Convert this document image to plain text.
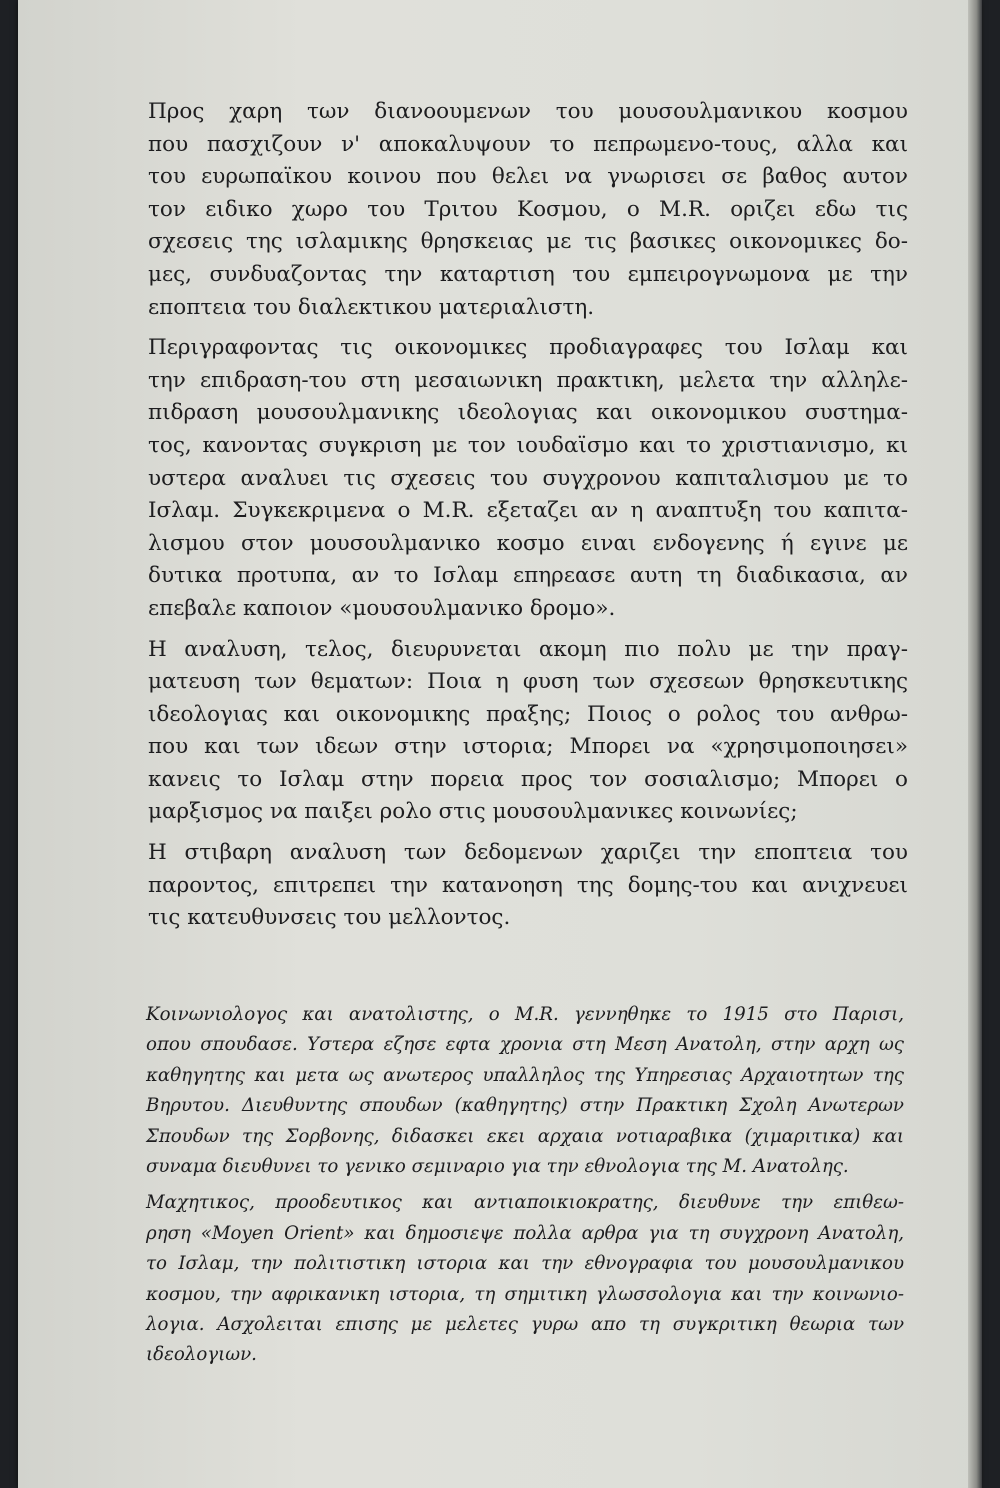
Προς χαρη των διανοουμενων του μουσουλμανικου κοσμου
που πασχιζουν ν' αποκαλυψουν το πεπρωμενο-τους, αλλα και
του ευρωπαϊκου κοινου που θελει να γνωρισει σε βαθος αυτον
τον ειδικο χωρο του Τριτου Κοσμου, ο M.R. οριζει εδω τις
σχεσεις της ισλαμικης θρησκειας με τις βασικες οικονομικες δο-
μες, συνδυαζοντας την καταρτιση του εμπειρογνωμονα με την
εποπτεια του διαλεκτικου ματεριαλιστη.

Περιγραφοντας τις οικονομικες προδιαγραφες του Ισλαμ και
την επιδραση-του στη μεσαιωνικη πρακτικη, μελετα την αλληλε-
πιδραση μουσουλμανικης ιδεολογιας και οικονομικου συστημα-
τος, κανοντας συγκριση με τον ιουδαϊσμο και το χριστιανισμο, κι
υστερα αναλυει τις σχεσεις του συγχρονου καπιταλισμου με το
Ισλαμ. Συγκεκριμενα ο M.R. εξεταζει αν η αναπτυξη του καπιτα-
λισμου στον μουσουλμανικο κοσμο ειναι ενδογενης ή εγινε με
δυτικα προτυπα, αν το Ισλαμ επηρεασε αυτη τη διαδικασια, αν
επεβαλε καποιον «μουσουλμανικο δρομο».

Η αναλυση, τελος, διευρυνεται ακομη πιο πολυ με την πραγ-
ματευση των θεματων: Ποια η φυση των σχεσεων θρησκευτικης
ιδεολογιας και οικονομικης πραξης; Ποιος ο ρολος του ανθρω-
που και των ιδεων στην ιστορια; Μπορει να «χρησιμοποιησει»
κανεις το Ισλαμ στην πορεια προς τον σοσιαλισμο; Μπορει ο
μαρξισμος να παιξει ρολο στις μουσουλμανικες κοινωνίες;

Η στιβαρη αναλυση των δεδομενων χαριζει την εποπτεια του
παροντος, επιτρεπει την κατανοηση της δομης-του και ανιχνευει
τις κατευθυνσεις του μελλοντος.

Κοινωνιολογος και ανατολιστης, ο M.R. γεννηθηκε το 1915 στο Παρισι,
οπου σπουδασε. Υστερα εζησε εφτα χρονια στη Μεση Ανατολη, στην αρχη ως
καθηγητης και μετα ως ανωτερος υπαλληλος της Υπηρεσιας Αρχαιοτητων της
Βηρυτου. Διευθυντης σπουδων (καθηγητης) στην Πρακτικη Σχολη Ανωτερων
Σπουδων της Σορβονης, διδασκει εκει αρχαια νοτιαραβικα (χιμαριτικα) και
συναμα διευθυνει το γενικο σεμιναριο για την εθνολογια της Μ. Ανατολης.

Μαχητικος, προοδευτικος και αντιαποικιοκρατης, διευθυνε την επιθεω-
ρηση «Moyen Orient» και δημοσιεψε πολλα αρθρα για τη συγχρονη Ανατολη,
το Ισλαμ, την πολιτιστικη ιστορια και την εθνογραφια του μουσουλμανικου
κοσμου, την αφρικανικη ιστορια, τη σημιτικη γλωσσολογια και την κοινωνιο-
λογια. Ασχολειται επισης με μελετες γυρω απο τη συγκριτικη θεωρια των
ιδεολογιων.
